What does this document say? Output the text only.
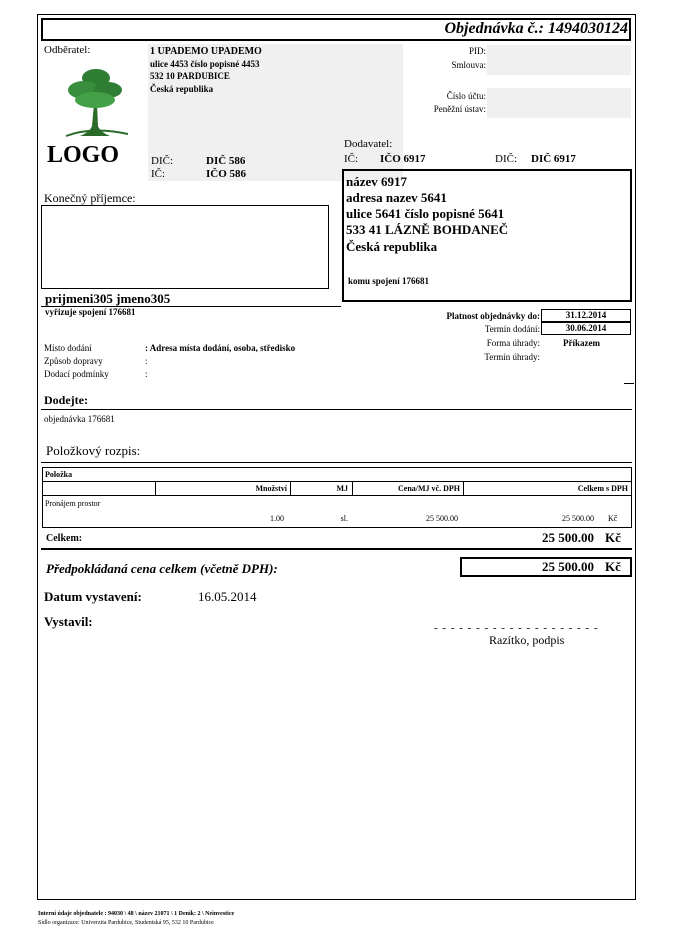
Objednávka č.: 1494030124
Odběratel:	1 UPADEMO UPADEMO
ulice 4453 číslo popisné 4453
532 10 PARDUBICE
Česká republika
LOGO	DIČ:	DIČ 586
IČ:	IČO 586
PID:
Smlouva:
Číslo účtu:
Peněžní ústav:
Dodavatel:
IČ: IČO 6917	DIČ: DIČ 6917
název 6917
adresa nazev 5641
ulice 5641 číslo popisné 5641
533 41 LÁZNĚ BOHDANEČ
Česká republika
komu spojení 176681
Konečný příjemce:
prijmeni305 jmeno305
vyřizuje spojení 176681	Platnost objednávky do:	31.12.2014
Termín dodání:	30.06.2014
Forma úhrady:	Příkazem
Termín úhrady:
Místo dodání	: Adresa místa dodání, osoba, středisko
Způsob dopravy	:
Dodací podmínky	:
Dodejte:
objednávka 176681
Položkový rozpis:
Položka
Množství	MJ	Cena/MJ vč. DPH	Celkem s DPH
Pronájem prostor
1.00	sl.	25 500.00	25 500.00 Kč
Celkem:	25 500.00 Kč
Předpokládaná cena celkem (včetně DPH):	25 500.00 Kč
Datum vystavení:	16.05.2014
Vystavil:	- - - - - - - - - - - - - - - - - - - -
Razítko, podpis
Interní údaje objednatele : 94030 \ 48 \ název 21071 \ 1 Deník: 2 \ Neinvestice
Sídlo organizace: Univerzita Pardubice, Studentská 95, 532 10 Pardubice
